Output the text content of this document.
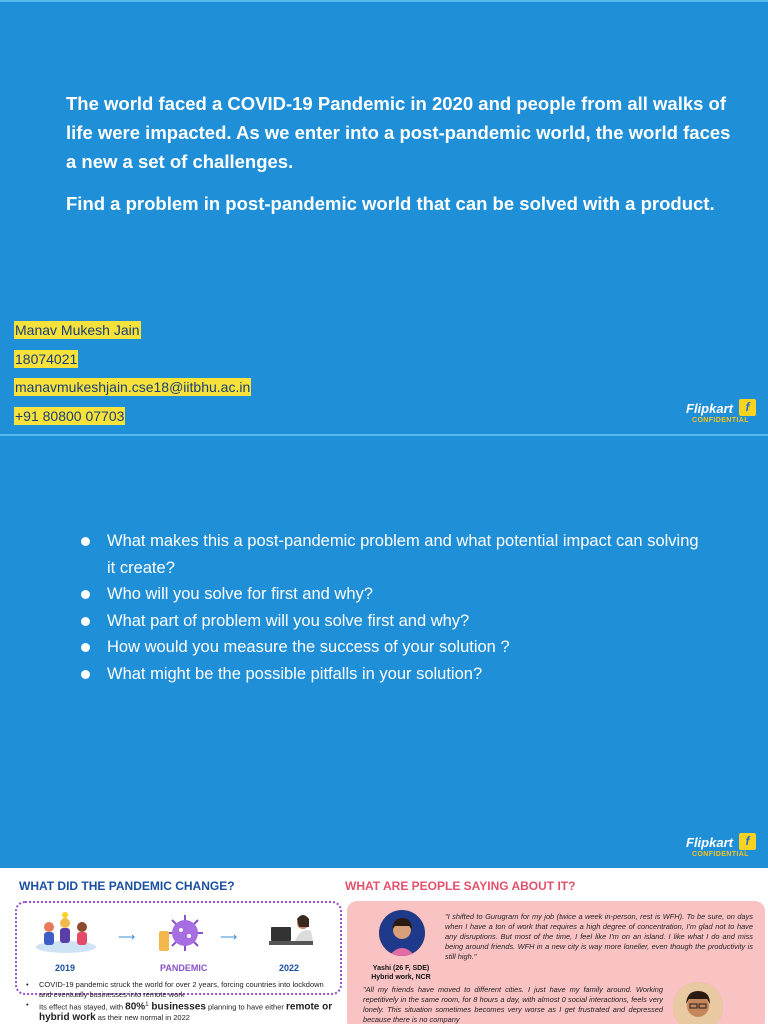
The world faced a COVID-19 Pandemic in 2020 and people from all walks of life were impacted. As we enter into a post-pandemic world, the world faces a new a set of challenges.

Find a problem in post-pandemic world that can be solved with a product.

Manav Mukesh Jain
18074021
manavmukeshjain.cse18@iitbhu.ac.in
+91 80800 07703	Flipkart	f
CONFIDENTIAL
What makes this a post-pandemic problem and what potential impact can solving it create?
Who will you solve for first and why?
What part of problem will you solve first and why?
How would you measure the success of your solution ?
What might be the possible pitfalls in your solution?
Flipkart	f
CONFIDENTIAL
WHAT DID THE PANDEMIC CHANGE?	WHAT ARE PEOPLE SAYING ABOUT IT?
⟶	⟶
2019	PANDEMIC	2022
• COVID-19 pandemic struck the world for over 2 years, forcing countries into lockdown and eventually businesses into remote work
• Its effect has stayed, with 80%$^1$ businesses planning to have either remote or hybrid work as their new normal in 2022
"I shifted to Gurugram for my job (twice a week in-person, rest is WFH). To be sure, on days when I have a ton of work that requires a high degree of concentration, I'm glad not to have any disruptions. But most of the time, I feel like I'm on an island. I like what I do and miss being around friends. WFH in a new city is way more lonelier, even though the productivity is still high."
Yashi (26 F, SDE)
Hybrid work, NCR
"All my friends have moved to different cities. I just have my family around. Working repetitively in the same room, for 8 hours a day, with almost 0 social interactions, feels very lonely. This situation sometimes becomes very worse as I get frustrated and depressed because there is no company
